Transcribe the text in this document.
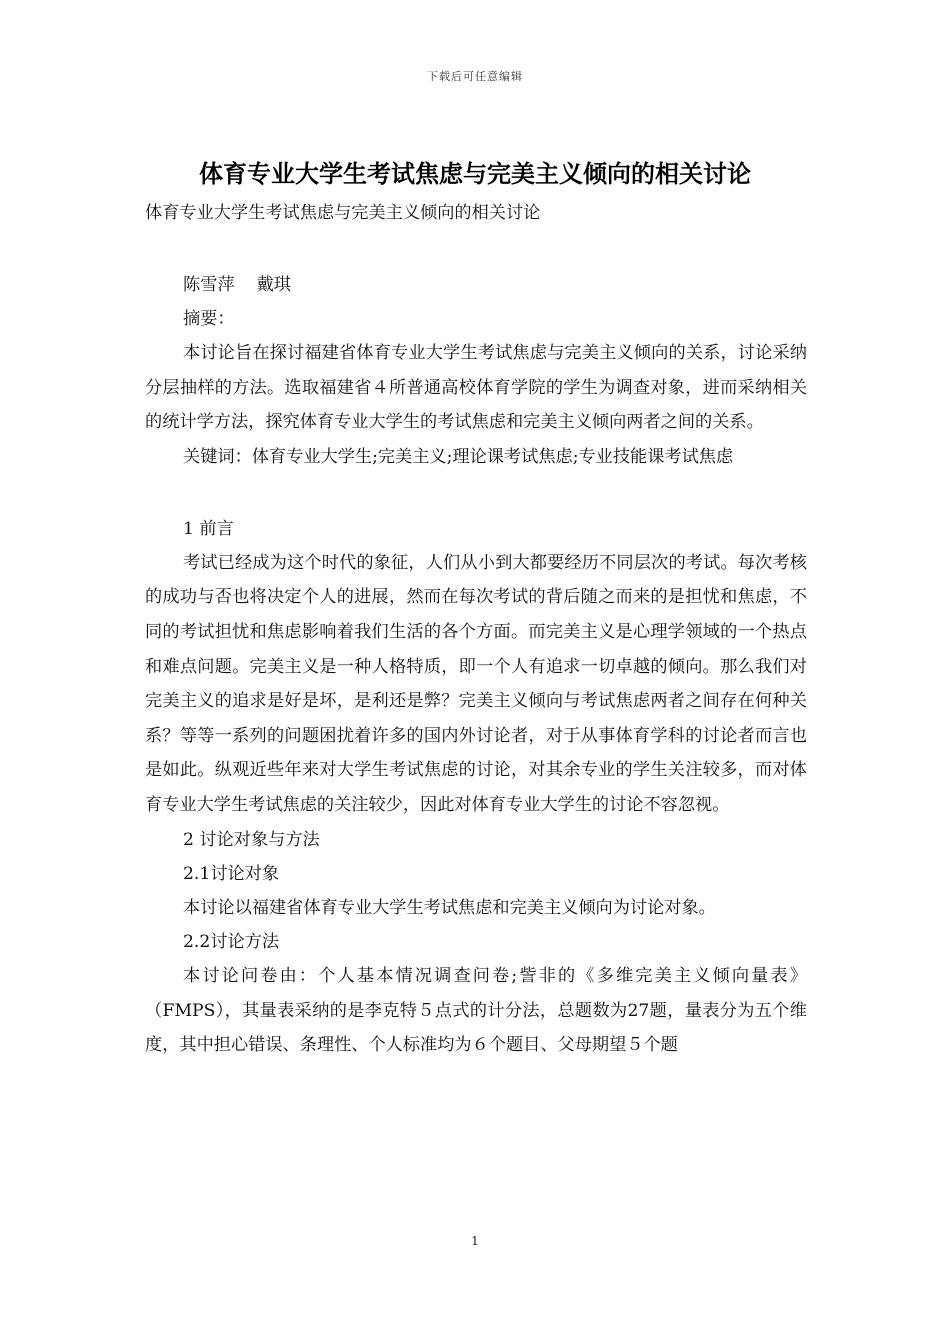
下载后可任意编辑
体育专业大学生考试焦虑与完美主义倾向的相关讨论
体育专业大学生考试焦虑与完美主义倾向的相关讨论
陈雪萍 戴琪
摘要：

本讨论旨在探讨福建省体育专业大学生考试焦虑与完美主义倾向的关系，讨论采纳分层抽样的方法。选取福建省４所普通高校体育学院的学生为调查对象，进而采纳相关的统计学方法，探究体育专业大学生的考试焦虑和完美主义倾向两者之间的关系。

关键词：体育专业大学生;完美主义;理论课考试焦虑;专业技能课考试焦虑
1 前言

考试已经成为这个时代的象征，人们从小到大都要经历不同层次的考试。每次考核的成功与否也将决定个人的进展，然而在每次考试的背后随之而来的是担忧和焦虑，不同的考试担忧和焦虑影响着我们生活的各个方面。而完美主义是心理学领域的一个热点和难点问题。完美主义是一种人格特质，即一个人有追求一切卓越的倾向。那么我们对完美主义的追求是好是坏，是利还是弊？完美主义倾向与考试焦虑两者之间存在何种关系？等等一系列的问题困扰着许多的国内外讨论者，对于从事体育学科的讨论者而言也是如此。纵观近些年来对大学生考试焦虑的讨论，对其余专业的学生关注较多，而对体育专业大学生考试焦虑的关注较少，因此对体育专业大学生的讨论不容忽视。

2 讨论对象与方法
2.1讨论对象

本讨论以福建省体育专业大学生考试焦虑和完美主义倾向为讨论对象。

2.2讨论方法

本讨论问卷由：个人基本情况调查问卷;訾非的《多维完美主义倾向量表》（FMPS），其量表采纳的是李克特５点式的计分法，总题数为27题，量表分为五个维度，其中担心错误、条理性、个人标准均为６个题目、父母期望５个题

1
